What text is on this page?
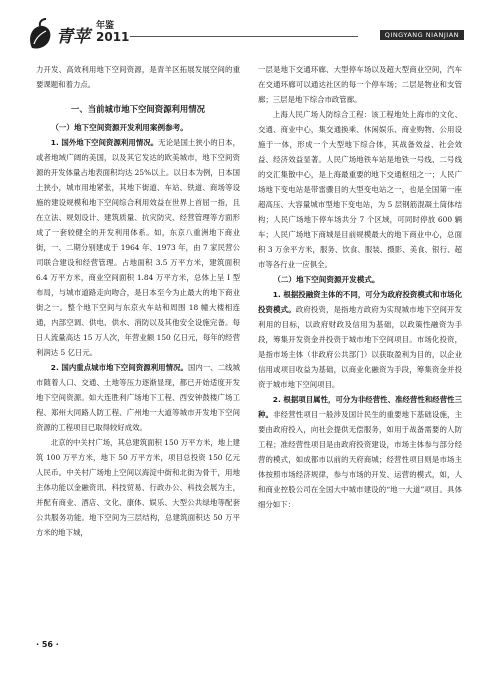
青苹
年鉴
2011	QINGYANG NIANJIAN

力开发、高效利用地下空间资源，是青羊区拓展发展空间的重要课题和着力点。

一、当前城市地下空间资源利用情况
（一）地下空间资源开发利用案例参考。

1. 国外地下空间资源利用情况。无论是国土狭小的日本，或者地域广阔的美国，以及其它发达的欧美城市，地下空间资源的开发体量占地表面积均达 25%以上。以日本为例，日本国土狭小，城市用地紧张，其地下街道、车站、铁道、商场等设施的建设规模和地下空间综合利用效益在世界上首屈一指，且在立法、规划设计、建筑质量、抗灾防灾、经营管理等方面形成了一套较健全的开发利用体系。如，东京八重洲地下商业街，一、二期分别建成于 1964 年、1973 年，由 7 家民营公司联合建设和经营管理。占地面积 3.5 万平方米，建筑面积 6.4 万平方米，商业空间面积 1.84 万平方米，总体上呈 I 型布局，与城市道路走向吻合，是日本至今为止最大的地下商业街之一。整个地下空间与东京火车站和周围 18 幢大楼相连通，内部空调、供电、供水、消防以及其他安全设施完备。每日人流量高达 15 万人次，年营业额 150 亿日元，每年的经营利润达 5 亿日元。

2. 国内重点城市地下空间资源利用情况。国内一、二线城市随着人口、交通、土地等压力逐渐显现，都已开始适度开发地下空间资源。如大连胜利广场地下工程、西安钟鼓楼广场工程、郑州大同路人防工程、广州地一大道等城市开发地下空间资源的工程项目已取得较好成效。

北京的中关村广场，其总建筑面积 150 万平方米，地上建筑 100 万平方米，地下 50 万平方米，项目总投资 150 亿元人民币。中关村广场地上空间以海淀中街和北街为骨干，用地主体功能以金融资讯、科技贸易、行政办公、科技会展为主，并配有商业、酒店、文化、康体、娱乐、大型公共绿地等配套公共服务功能。地下空间为三层结构，总建筑面积达 50 万平方米的地下城，

一层是地下交通环廊、大型停车场以及超大型商业空间，汽车在交通环廊可以通达社区的每一个停车场；二层是物业和支管廊；三层是地下综合市政管廊。

上海人民广场人防综合工程：该工程地处上海市的文化、交通、商业中心，集交通换乘、休闲娱乐、商业购物、公用设施于一体，形成一个大型地下综合体，其战备效益、社会效益、经济效益显著。人民广场地铁车站是地铁一号线、二号线的交汇集散中心，是上海最重要的地下交通枢纽之一；人民广场地下变电站是带雷骤目的大型变电站之一，也是全国第一座超高压、大容量城市型地下变电站，为 5 层钢筋混凝土筒体结构；人民广场地下停车场共分 7 个区域，可同时停放 600 辆车；人民广场地下商城是目前规模最大的地下商业中心，总面积 3 万余平方米，服务、饮食、服装、摄影、美食、银行、超市等各行业一应俱全。

（二）地下空间资源开发模式。

1. 根据投融资主体的不同，可分为政府投资模式和市场化投资模式。政府投资，是指地方政府为实现城市地下空间开发利用的目标，以政府财政及信用为基础，以政策性融资为手段，筹集开发资金并投资于城市地下空间项目。市场化投资，是指市场主体（非政府公共部门）以获取盈利为目的，以企业信用或项目收益为基础，以商业化融资为手段，筹集资金并投资于城市地下空间项目。

2. 根据项目属性，可分为非经营性、准经营性和经营性三种。非经营性项目一般涉及国计民生的重要地下基础设施，主要由政府投入，向社会提供无偿服务，如用于战备需要的人防工程；准经营性项目是由政府投资建设，市场主体参与部分经营的模式，如成都市以前的天府商城；经营性项目则是市场主体按照市场经济规律，参与市场的开发、运营的模式，如，人和商业控股公司在全国大中城市建设的“地一大道”项目。具体细分如下：

· 56 ·
